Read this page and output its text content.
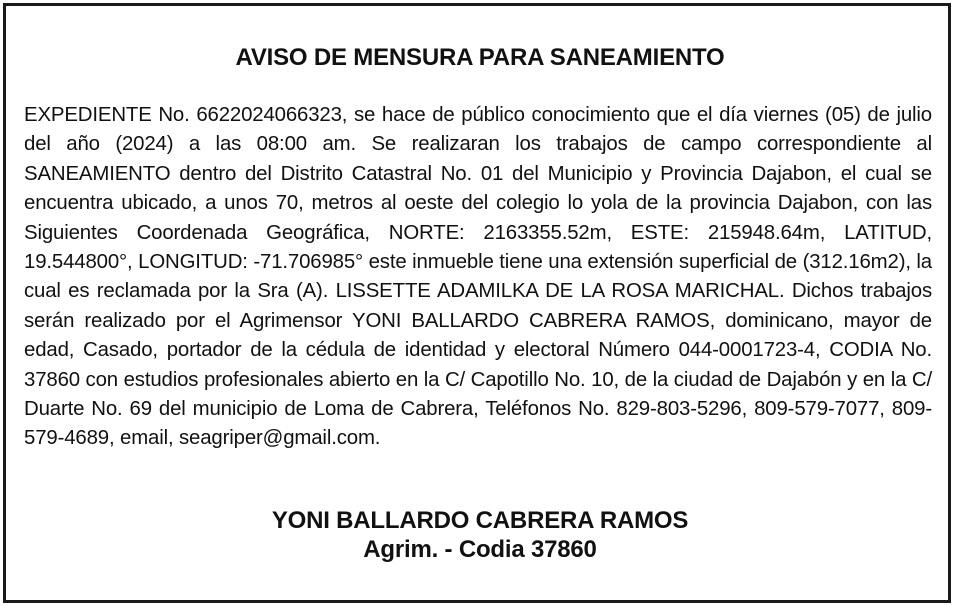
AVISO DE MENSURA PARA SANEAMIENTO

EXPEDIENTE No. 6622024066323, se hace de público conocimiento que el día viernes (05) de julio del año (2024) a las 08:00 am. Se realizaran los trabajos de campo correspondiente al SANEAMIENTO dentro del Distrito Catastral No. 01 del Municipio y Provincia Dajabon, el cual se encuentra ubicado, a unos 70, metros al oeste del colegio lo yola de la provincia Dajabon, con las Siguientes Coordenada Geográfica, NORTE: 2163355.52m, ESTE: 215948.64m, LATITUD, 19.544800°, LONGITUD: -71.706985° este inmueble tiene una extensión superficial de (312.16m2), la cual es reclamada por la Sra (A). LISSETTE ADAMILKA DE LA ROSA MARICHAL. Dichos trabajos serán realizado por el Agrimensor YONI BALLARDO CABRERA RAMOS, dominicano, mayor de edad, Casado, portador de la cédula de identidad y electoral Número 044-0001723-4, CODIA No. 37860 con estudios profesionales abierto en la C/ Capotillo No. 10, de la ciudad de Dajabón y en la C/ Duarte No. 69 del municipio de Loma de Cabrera, Teléfonos No. 829-803-5296, 809-579-7077, 809-579-4689, email, seagriper@gmail.com.

YONI BALLARDO CABRERA RAMOS
Agrim. - Codia 37860
